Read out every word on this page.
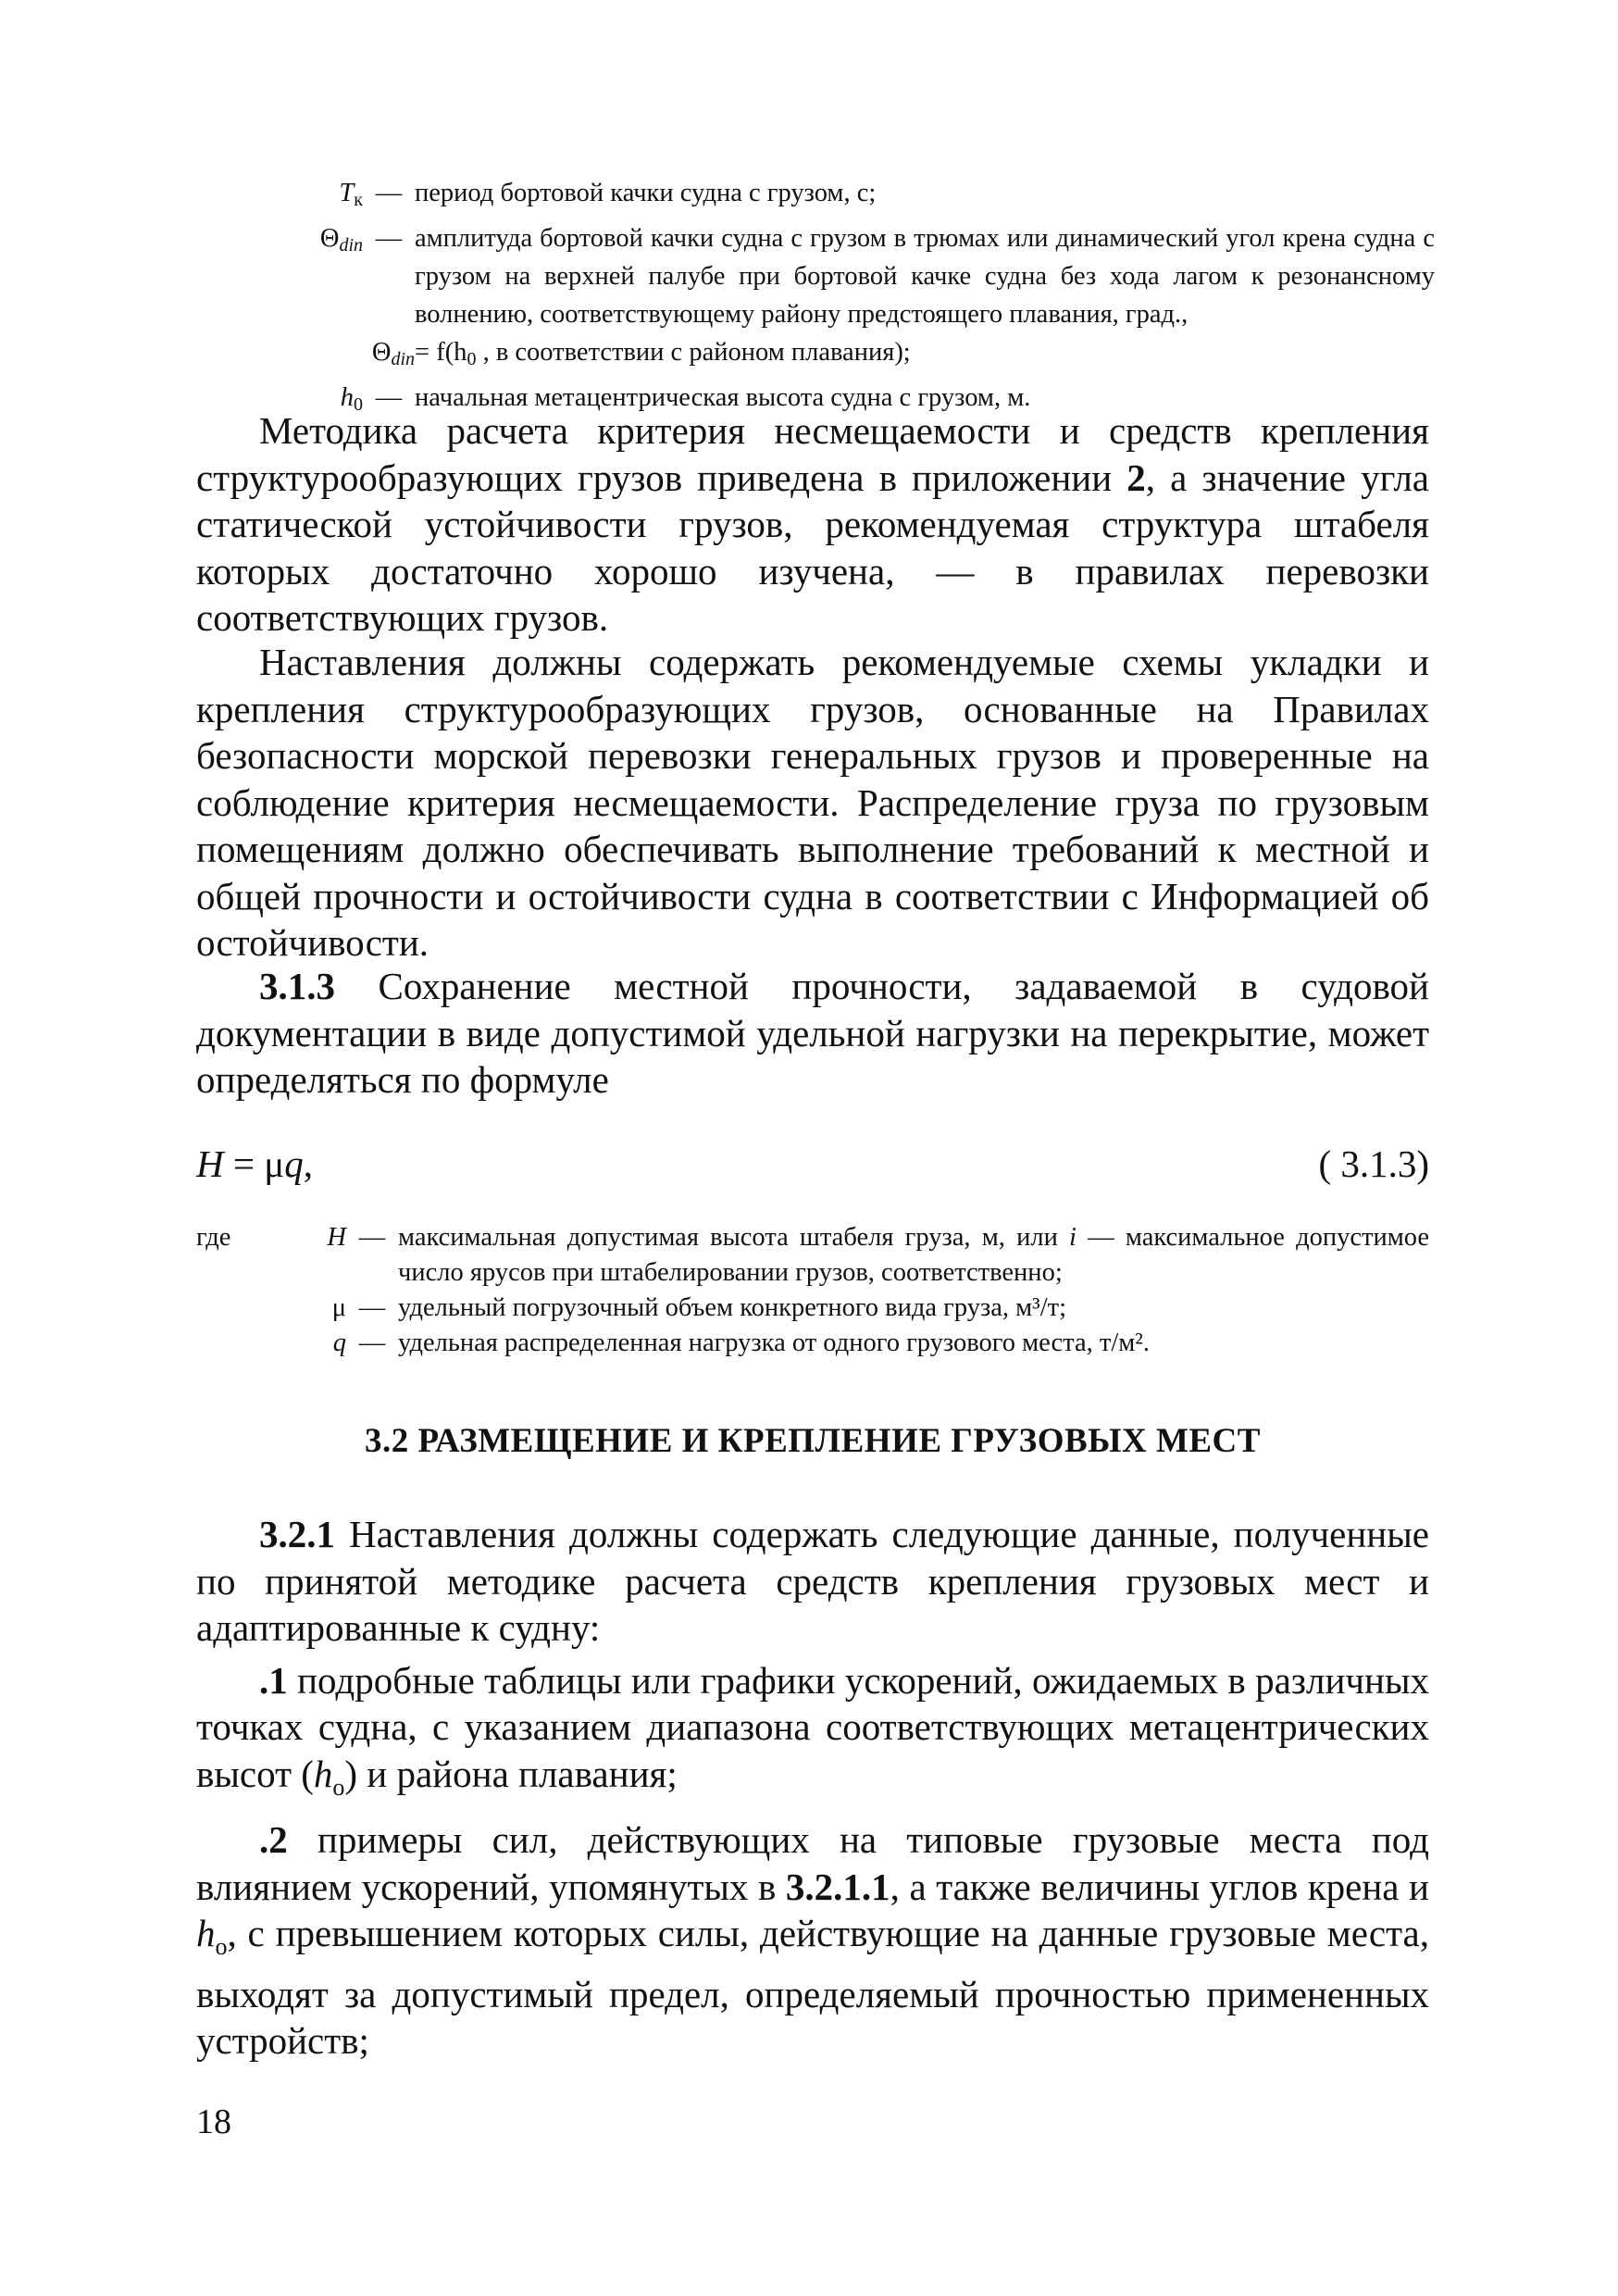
$T_к$ — период бортовой качки судна с грузом, с;
$\Theta_{din}$ — амплитуда бортовой качки судна с грузом в трюмах или динамический угол крена судна с грузом на верхней палубе при бортовой качке судна без хода лагом к резонансному волнению, соответствующему району предстоящего плавания, град.,
$\Theta_{din} = f(h_0$ , в соответствии с районом плавания);
$h_0$ — начальная метацентрическая высота судна с грузом, м.

Методика расчета критерия несмещаемости и средств крепления структурообразующих грузов приведена в приложении 2, а значение угла статической устойчивости грузов, рекомендуемая структура штабеля которых достаточно хорошо изучена, — в правилах перевозки соответствующих грузов.

Наставления должны содержать рекомендуемые схемы укладки и крепления структурообразующих грузов, основанные на Правилах безопасности морской перевозки генеральных грузов и проверенные на соблюдение критерия несмещаемости. Распределение груза по грузовым помещениям должно обеспечивать выполнение требований к местной и общей прочности и остойчивости судна в соответствии с Информацией об остойчивости.

3.1.3 Сохранение местной прочности, задаваемой в судовой документации в виде допустимой удельной нагрузки на перекрытие, может определяться по формуле

H = μq,	( 3.1.3)
где	H — максимальная допустимая высота штабеля груза, м, или i — максимальное допустимое число ярусов при штабелировании грузов, соответственно;
μ — удельный погрузочный объем конкретного вида груза, м³/т;
q — удельная распределенная нагрузка от одного грузового места, т/м².
3.2 РАЗМЕЩЕНИЕ И КРЕПЛЕНИЕ ГРУЗОВЫХ МЕСТ

3.2.1 Наставления должны содержать следующие данные, полученные по принятой методике расчета средств крепления грузовых мест и адаптированные к судну:

.1 подробные таблицы или графики ускорений, ожидаемых в различных точках судна, с указанием диапазона соответствующих метацентрических высот $(h_o)$ и района плавания;

.2 примеры сил, действующих на типовые грузовые места под влиянием ускорений, упомянутых в 3.2.1.1, а также величины углов крена и $h_o$, с превышением которых силы, действующие на данные грузовые места, выходят за допустимый предел, определяемый прочностью примененных устройств;

18
